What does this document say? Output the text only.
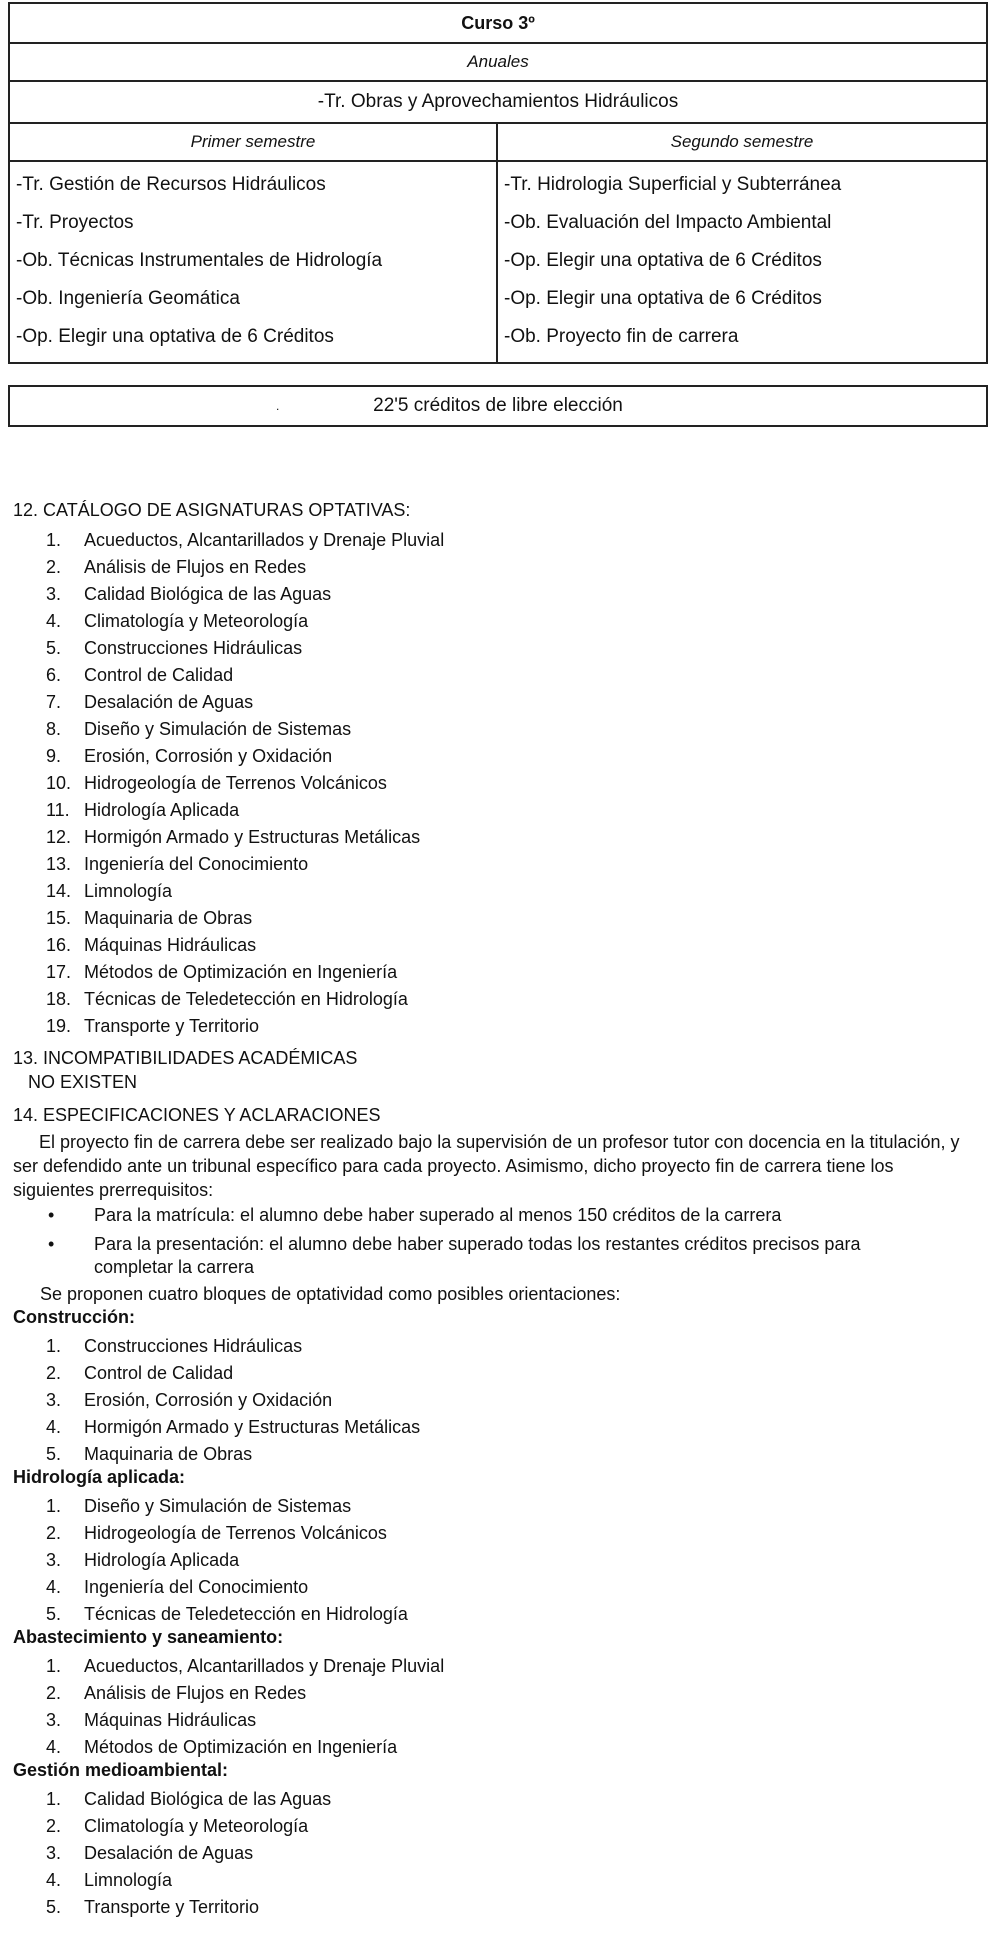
Curso 3º
Anuales
-Tr. Obras y Aprovechamientos Hidráulicos
Primer semestre
-Tr. Gestión de Recursos Hidráulicos
-Tr. Proyectos
-Ob. Técnicas Instrumentales de Hidrología
-Ob. Ingeniería Geomática
-Op. Elegir una optativa de 6 Créditos
Segundo semestre
-Tr. Hidrologia Superficial y Subterránea
-Ob. Evaluación del Impacto Ambiental
-Op. Elegir una optativa de 6 Créditos
-Op. Elegir una optativa de 6 Créditos
-Ob. Proyecto fin de carrera
.	22'5 créditos de libre elección
12. CATÁLOGO DE ASIGNATURAS OPTATIVAS:
1. Acueductos, Alcantarillados y Drenaje Pluvial
2. Análisis de Flujos en Redes
3. Calidad Biológica de las Aguas
4. Climatología y Meteorología
5. Construcciones Hidráulicas
6. Control de Calidad
7. Desalación de Aguas
8. Diseño y Simulación de Sistemas
9. Erosión, Corrosión y Oxidación
10. Hidrogeología de Terrenos Volcánicos
11. Hidrología Aplicada
12. Hormigón Armado y Estructuras Metálicas
13. Ingeniería del Conocimiento
14. Limnología
15. Maquinaria de Obras
16. Máquinas Hidráulicas
17. Métodos de Optimización en Ingeniería
18. Técnicas de Teledetección en Hidrología
19. Transporte y Territorio
13. INCOMPATIBILIDADES ACADÉMICAS
NO EXISTEN
14. ESPECIFICACIONES Y ACLARACIONES

El proyecto fin de carrera debe ser realizado bajo la supervisión de un profesor tutor con docencia en la titulación, y ser defendido ante un tribunal específico para cada proyecto. Asimismo, dicho proyecto fin de carrera tiene los siguientes prerrequisitos:

• Para la matrícula: el alumno debe haber superado al menos 150 créditos de la carrera
• Para la presentación: el alumno debe haber superado todas los restantes créditos precisos para completar la carrera
Se proponen cuatro bloques de optatividad como posibles orientaciones:
Construcción:
1. Construcciones Hidráulicas
2. Control de Calidad
3. Erosión, Corrosión y Oxidación
4. Hormigón Armado y Estructuras Metálicas
5. Maquinaria de Obras
Hidrología aplicada:
1. Diseño y Simulación de Sistemas
2. Hidrogeología de Terrenos Volcánicos
3. Hidrología Aplicada
4. Ingeniería del Conocimiento
5. Técnicas de Teledetección en Hidrología
Abastecimiento y saneamiento:
1. Acueductos, Alcantarillados y Drenaje Pluvial
2. Análisis de Flujos en Redes
3. Máquinas Hidráulicas
4. Métodos de Optimización en Ingeniería
Gestión medioambiental:
1. Calidad Biológica de las Aguas
2. Climatología y Meteorología
3. Desalación de Aguas
4. Limnología
5. Transporte y Territorio
